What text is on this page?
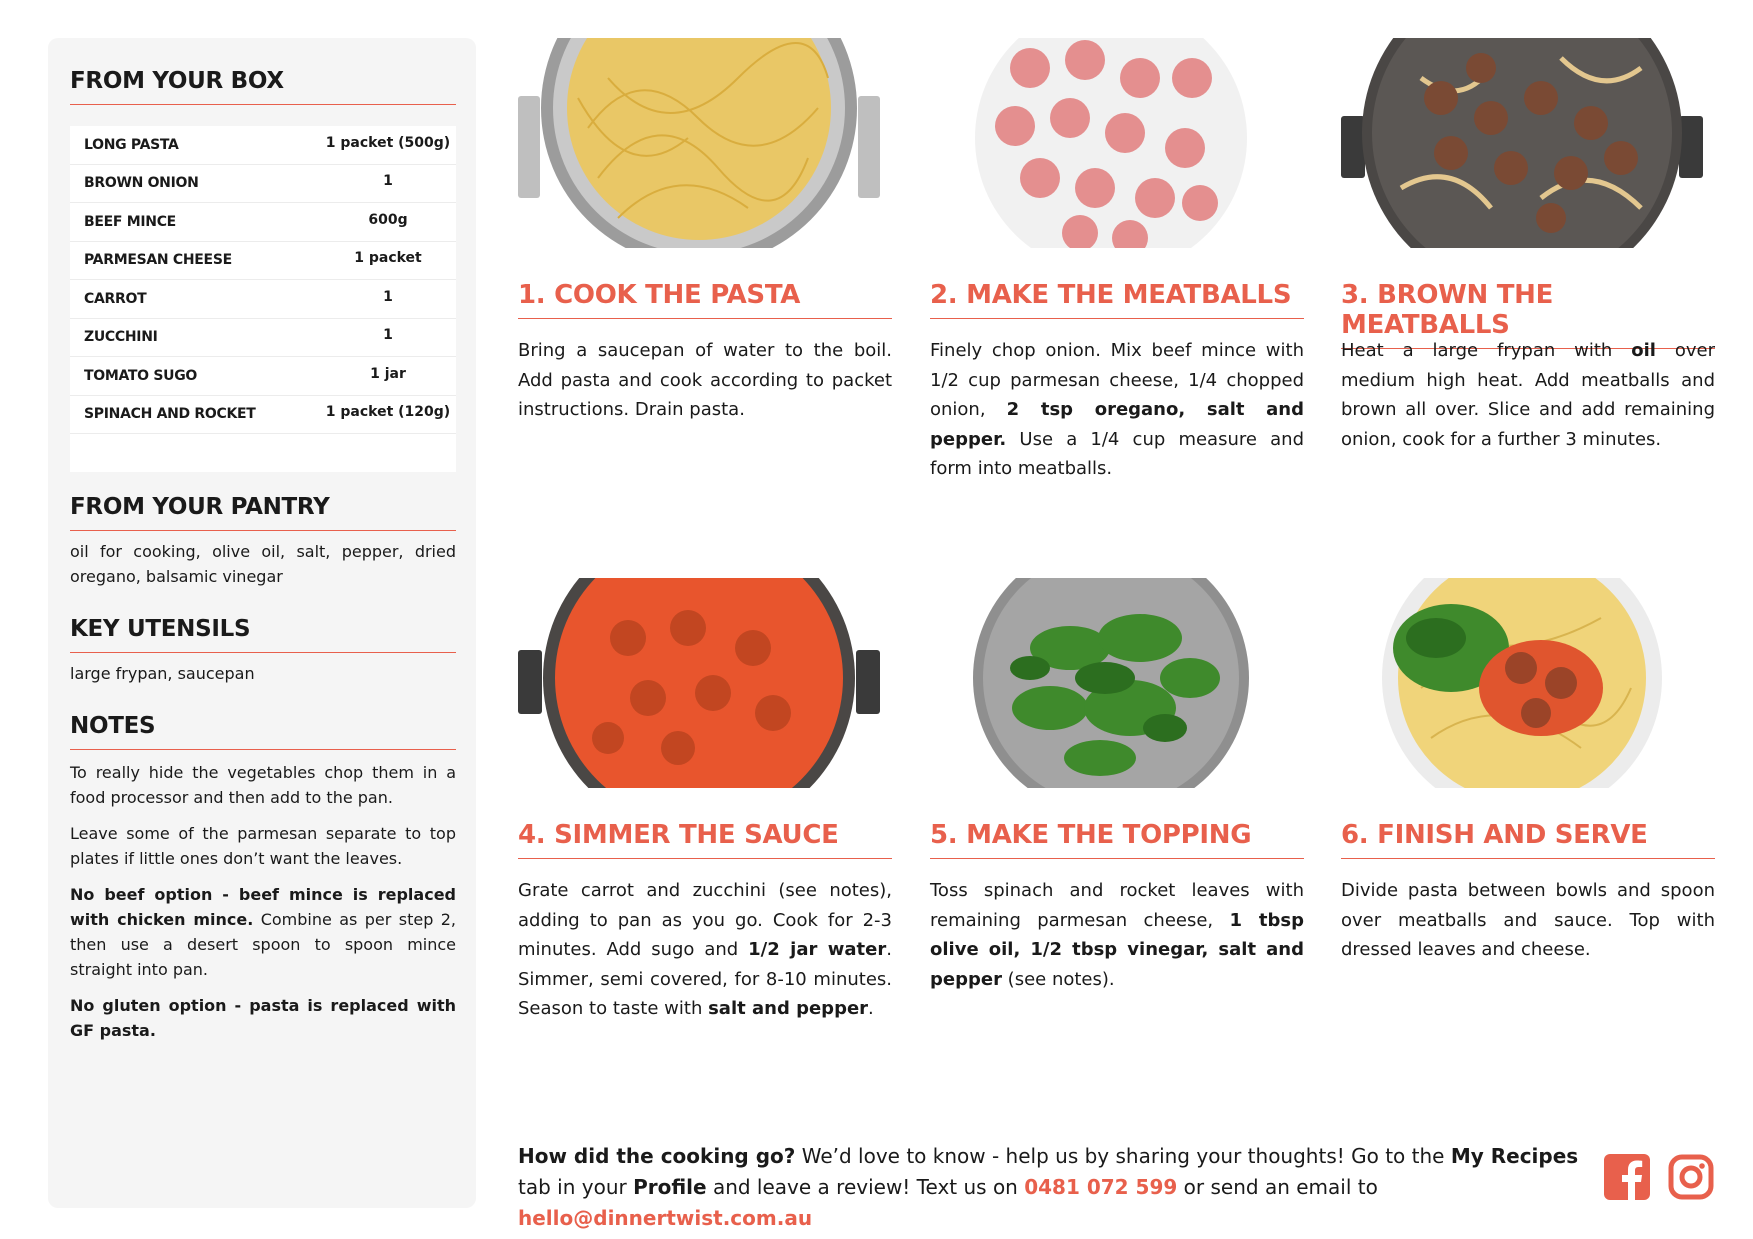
FROM YOUR BOX
LONG PASTA	1 packet (500g)
BROWN ONION	1
BEEF MINCE	600g
PARMESAN CHEESE	1 packet
CARROT	1
ZUCCHINI	1
TOMATO SUGO	1 jar
SPINACH AND ROCKET	1 packet (120g)
FROM YOUR PANTRY
oil for cooking, olive oil, salt, pepper, dried oregano, balsamic vinegar
KEY UTENSILS
large frypan, saucepan
NOTES

To really hide the vegetables chop them in a food processor and then add to the pan.

Leave some of the parmesan separate to top plates if little ones don’t want the leaves.

No beef option - beef mince is replaced with chicken mince. Combine as per step 2, then use a desert spoon to spoon mince straight into pan.

No gluten option - pasta is replaced with GF pasta.

1. COOK THE PASTA	2. MAKE THE MEATBALLS	3. BROWN THE MEATBALLS
4. SIMMER THE SAUCE	5. MAKE THE TOPPING	6. FINISH AND SERVE
Bring a saucepan of water to the boil. Add pasta and cook according to packet instructions. Drain pasta.
Finely chop onion. Mix beef mince with 1/2 cup parmesan cheese, 1/4 chopped onion, 2 tsp oregano, salt and pepper. Use a 1/4 cup measure and form into meatballs.
Heat a large frypan with oil over medium high heat. Add meatballs and brown all over. Slice and add remaining onion, cook for a further 3 minutes.
Grate carrot and zucchini (see notes), adding to pan as you go. Cook for 2-3 minutes. Add sugo and 1/2 jar water. Simmer, semi covered, for 8-10 minutes. Season to taste with salt and pepper.
Toss spinach and rocket leaves with remaining parmesan cheese, 1 tbsp olive oil, 1/2 tbsp vinegar, salt and pepper (see notes).
Divide pasta between bowls and spoon over meatballs and sauce. Top with dressed leaves and cheese.
How did the cooking go? We’d love to know - help us by sharing your thoughts! Go to the My Recipes tab in your Profile and leave a review! Text us on 0481 072 599 or send an email to hello@dinnertwist.com.au
